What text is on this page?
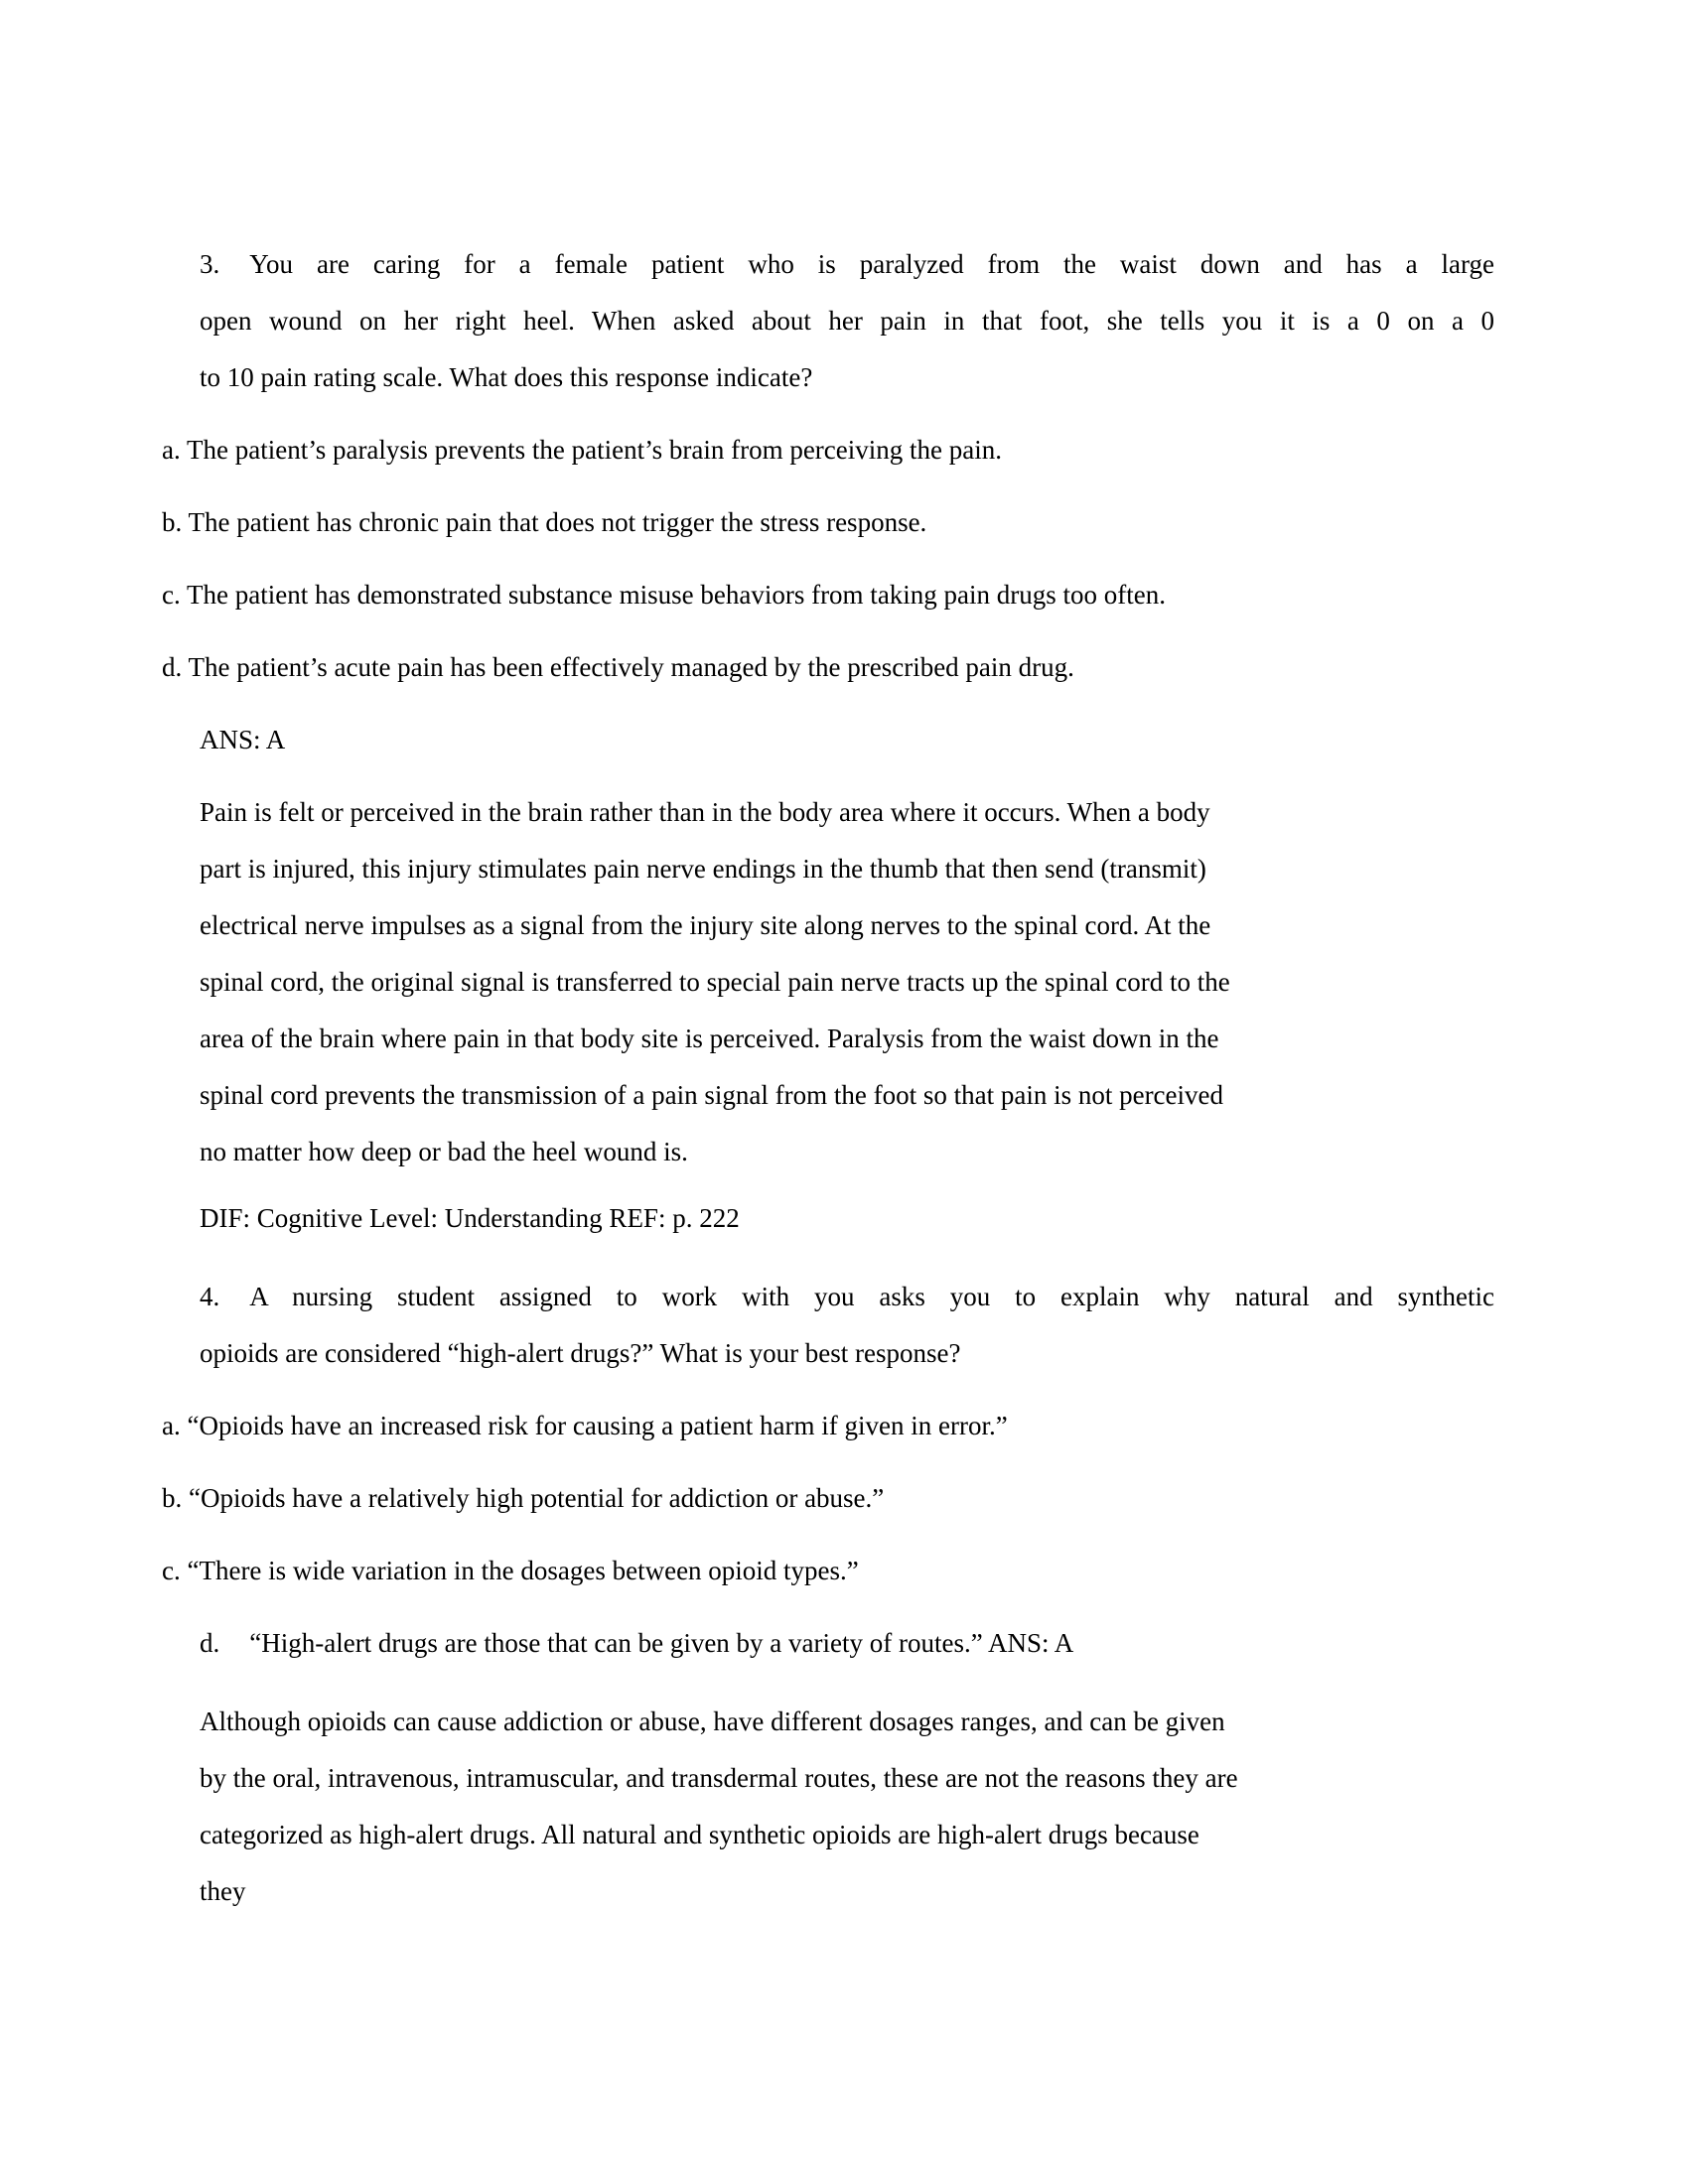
3. You are caring for a female patient who is paralyzed from the waist down and has a large
open wound on her right heel. When asked about her pain in that foot, she tells you it is a 0 on a 0
to 10 pain rating scale. What does this response indicate?
a. The patient’s paralysis prevents the patient’s brain from perceiving the pain.
b. The patient has chronic pain that does not trigger the stress response.
c. The patient has demonstrated substance misuse behaviors from taking pain drugs too often.
d. The patient’s acute pain has been effectively managed by the prescribed pain drug.
ANS: A
Pain is felt or perceived in the brain rather than in the body area where it occurs. When a body
part is injured, this injury stimulates pain nerve endings in the thumb that then send (transmit)
electrical nerve impulses as a signal from the injury site along nerves to the spinal cord. At the
spinal cord, the original signal is transferred to special pain nerve tracts up the spinal cord to the
area of the brain where pain in that body site is perceived. Paralysis from the waist down in the
spinal cord prevents the transmission of a pain signal from the foot so that pain is not perceived
no matter how deep or bad the heel wound is.
DIF: Cognitive Level: Understanding REF: p. 222
4. A nursing student assigned to work with you asks you to explain why natural and synthetic
opioids are considered “high-alert drugs?” What is your best response?
a. “Opioids have an increased risk for causing a patient harm if given in error.”
b. “Opioids have a relatively high potential for addiction or abuse.”
c. “There is wide variation in the dosages between opioid types.”
d. “High-alert drugs are those that can be given by a variety of routes.” ANS: A
Although opioids can cause addiction or abuse, have different dosages ranges, and can be given
by the oral, intravenous, intramuscular, and transdermal routes, these are not the reasons they are
categorized as high-alert drugs. All natural and synthetic opioids are high-alert drugs because
they
